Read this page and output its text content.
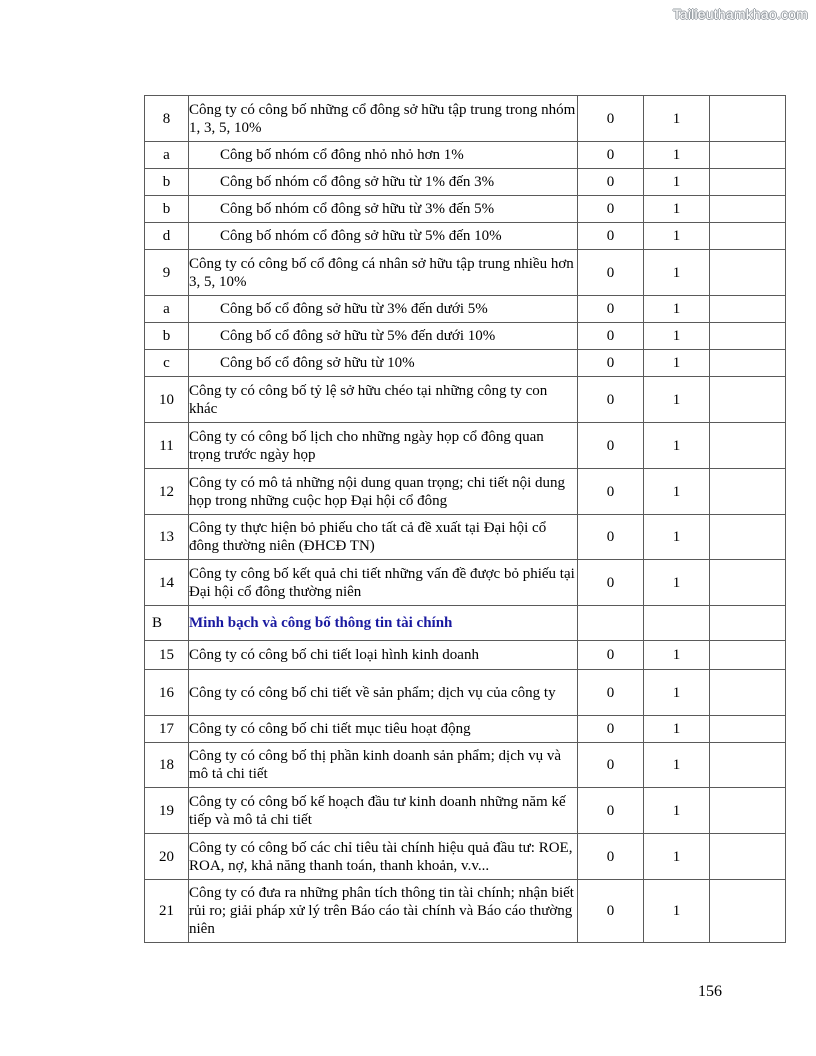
Tailieuthamkhao.com
8	Công ty có công bố những cổ đông sở hữu tập trung trong nhóm 1, 3, 5, 10%	0	1	
a	Công bố nhóm cổ đông nhỏ nhỏ hơn 1%	0	1	
b	Công bố nhóm cổ đông sở hữu từ 1% đến 3%	0	1	
b	Công bố nhóm cổ đông sở hữu từ 3% đến 5%	0	1	
d	Công bố nhóm cổ đông sở hữu từ 5% đến 10%	0	1	
9	Công ty có công bố cổ đông cá nhân sở hữu tập trung nhiều hơn 3, 5, 10%	0	1	
a	Công bố cổ đông sở hữu từ 3% đến dưới 5%	0	1	
b	Công bố cổ đông sở hữu từ 5% đến dưới 10%	0	1	
c	Công bố cổ đông sở hữu từ 10%	0	1	
10	Công ty có công bố tỷ lệ sở hữu chéo tại những công ty con khác	0	1	
11	Công ty có công bố lịch cho những ngày họp cổ đông quan trọng trước ngày họp	0	1	
12	Công ty có mô tả những nội dung quan trọng; chi tiết nội dung họp trong những cuộc họp Đại hội cổ đông	0	1	
13	Công ty thực hiện bỏ phiếu cho tất cả đề xuất tại Đại hội cổ đông thường niên (ĐHCĐ TN)	0	1	
14	Công ty công bố kết quả chi tiết những vấn đề được bỏ phiếu tại Đại hội cổ đông thường niên	0	1	
B	Minh bạch và công bố thông tin tài chính			
15	Công ty có công bố chi tiết loại hình kinh doanh	0	1	
16	Công ty có công bố chi tiết về sản phẩm; dịch vụ của công ty	0	1	
17	Công ty có công bố chi tiết mục tiêu hoạt động	0	1	
18	Công ty có công bố thị phần kinh doanh sản phẩm; dịch vụ và mô tả chi tiết	0	1	
19	Công ty có công bố kế hoạch đầu tư kinh doanh những năm kế tiếp và mô tả chi tiết	0	1	
20	Công ty có công bố các chỉ tiêu tài chính hiệu quả đầu tư: ROE, ROA, nợ, khả năng thanh toán, thanh khoản, v.v...	0	1	
21	Công ty có đưa ra những phân tích thông tin tài chính; nhận biết rủi ro; giải pháp xử lý trên Báo cáo tài chính và Báo cáo thường niên	0	1	
156
